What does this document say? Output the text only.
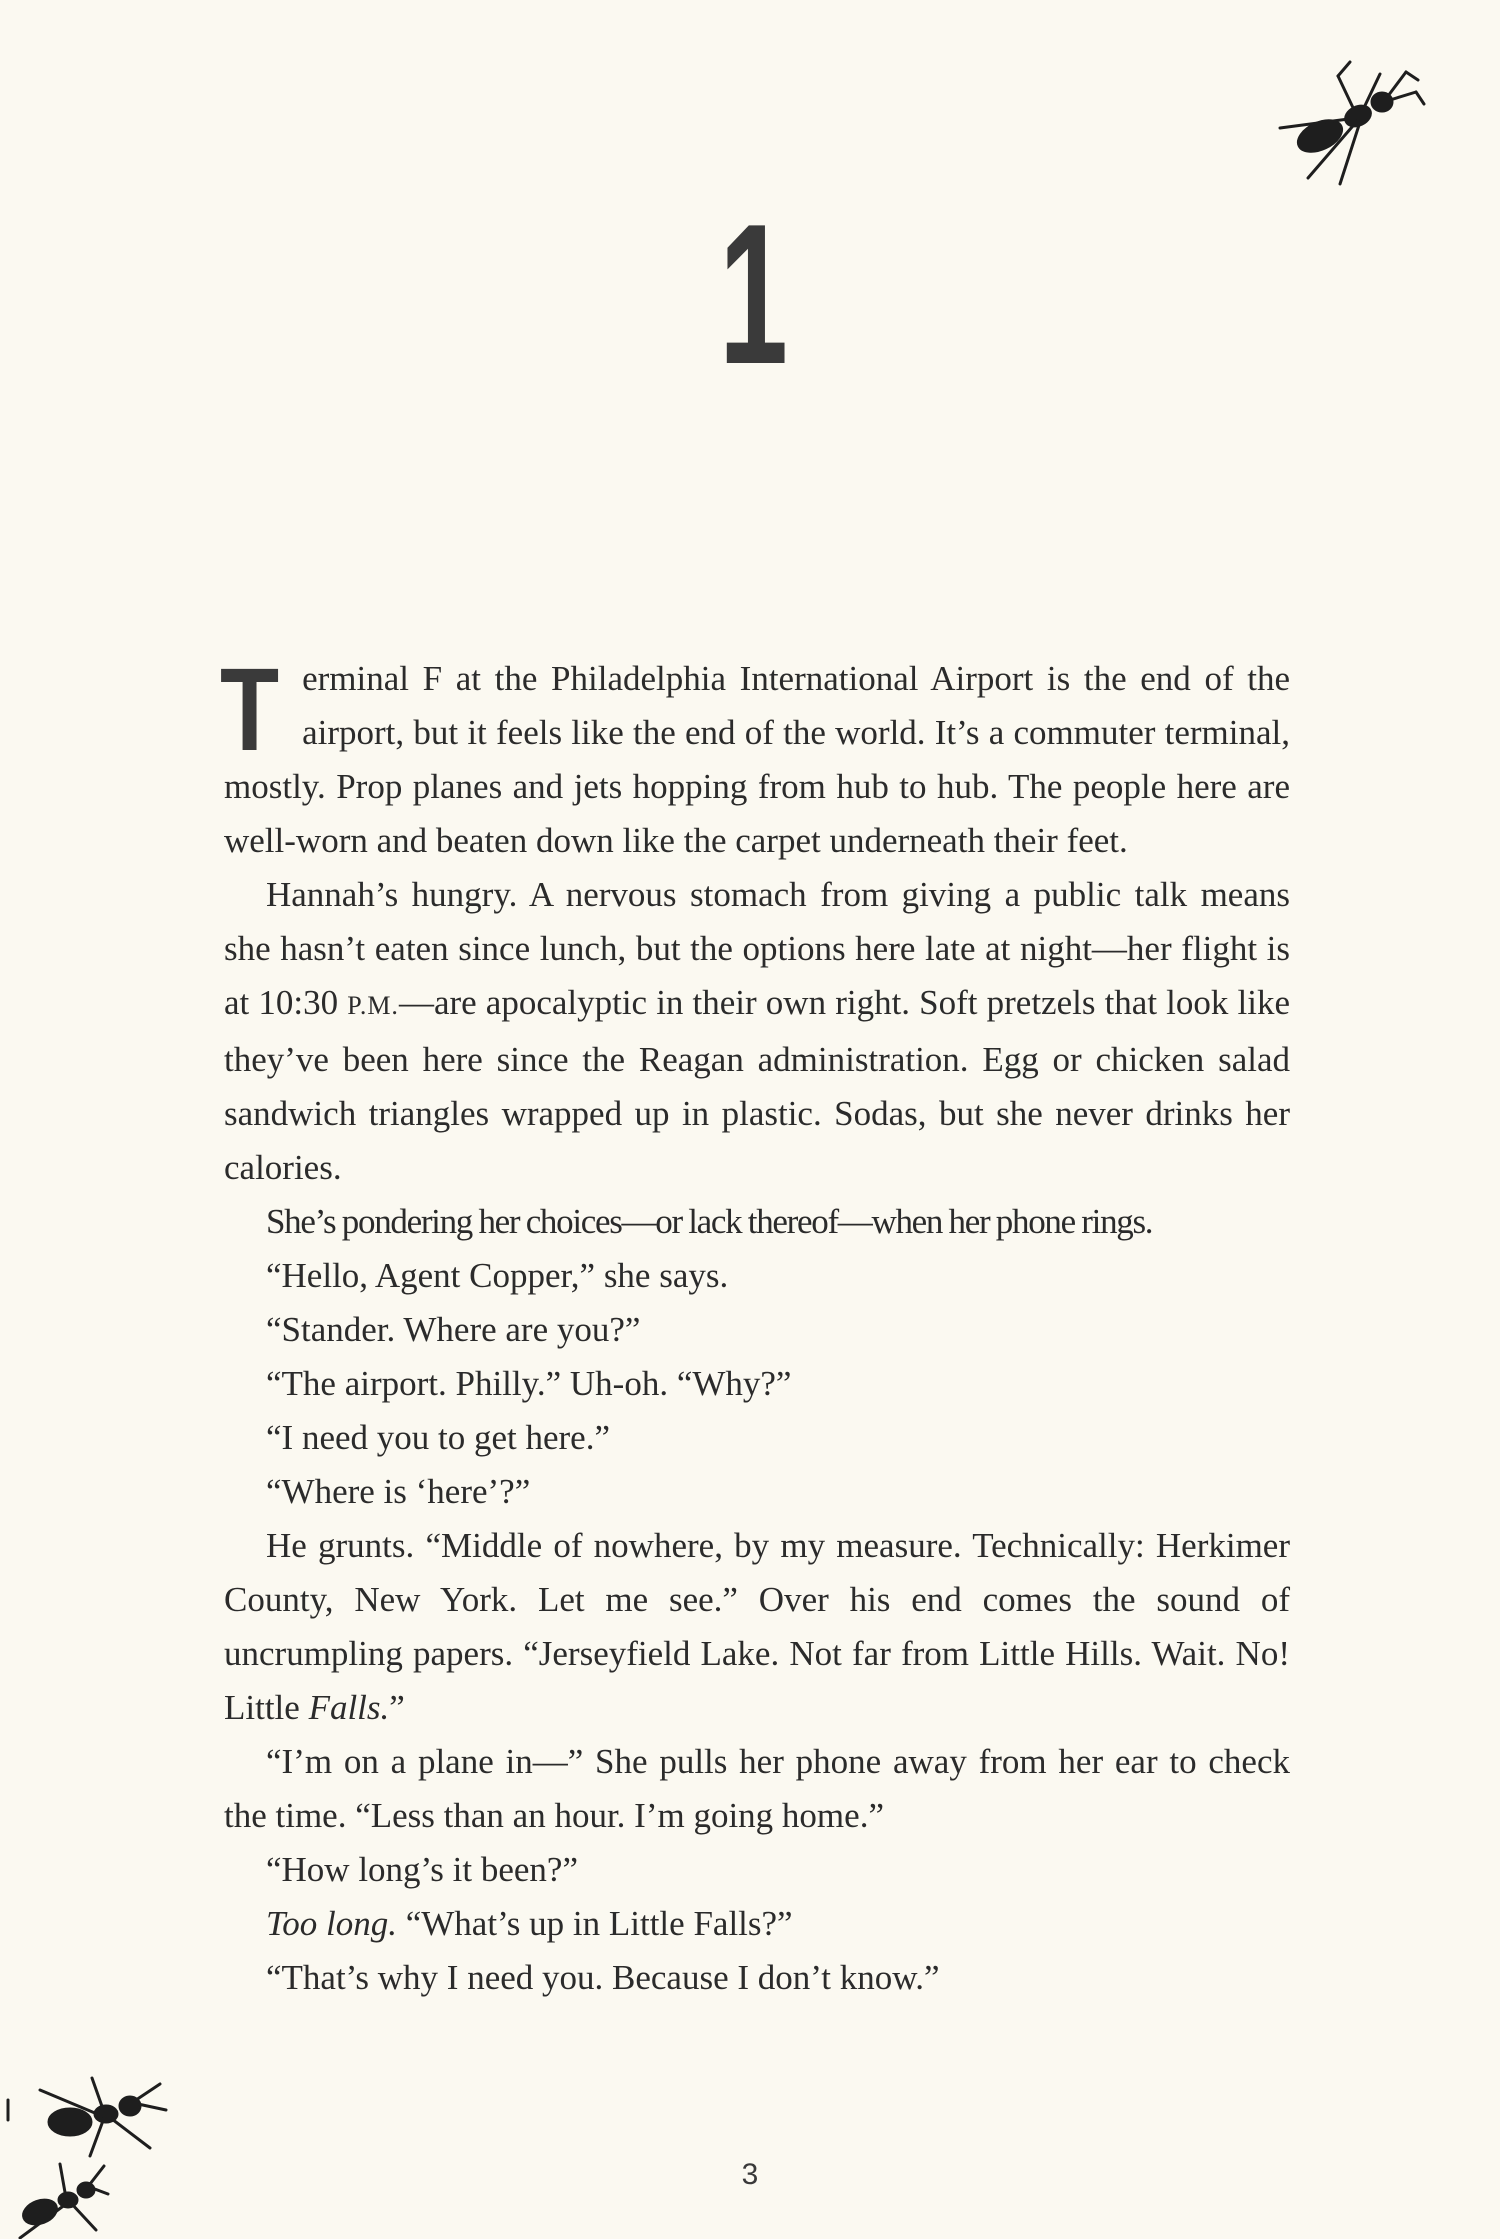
1

Terminal F at the Philadelphia International Airport is the end of the airport, but it feels like the end of the world. It’s a commuter terminal, mostly. Prop planes and jets hopping from hub to hub. The people here are well-worn and beaten down like the carpet underneath their feet.

Hannah’s hungry. A nervous stomach from giving a public talk means she hasn’t eaten since lunch, but the options here late at night—her flight is at 10:30 P.M.—are apocalyptic in their own right. Soft pretzels that look like they’ve been here since the Reagan administration. Egg or chicken salad sandwich triangles wrapped up in plastic. Sodas, but she never drinks her calories.

She’s pondering her choices—or lack thereof—when her phone rings.

“Hello, Agent Copper,” she says.

“Stander. Where are you?”

“The airport. Philly.” Uh-oh. “Why?”

“I need you to get here.”

“Where is ‘here’?”

He grunts. “Middle of nowhere, by my measure. Technically: Herkimer County, New York. Let me see.” Over his end comes the sound of uncrumpling papers. “Jerseyfield Lake. Not far from Little Hills. Wait. No! Little Falls.”

“I’m on a plane in—” She pulls her phone away from her ear to check the time. “Less than an hour. I’m going home.”

“How long’s it been?”

Too long. “What’s up in Little Falls?”

“That’s why I need you. Because I don’t know.”

3
